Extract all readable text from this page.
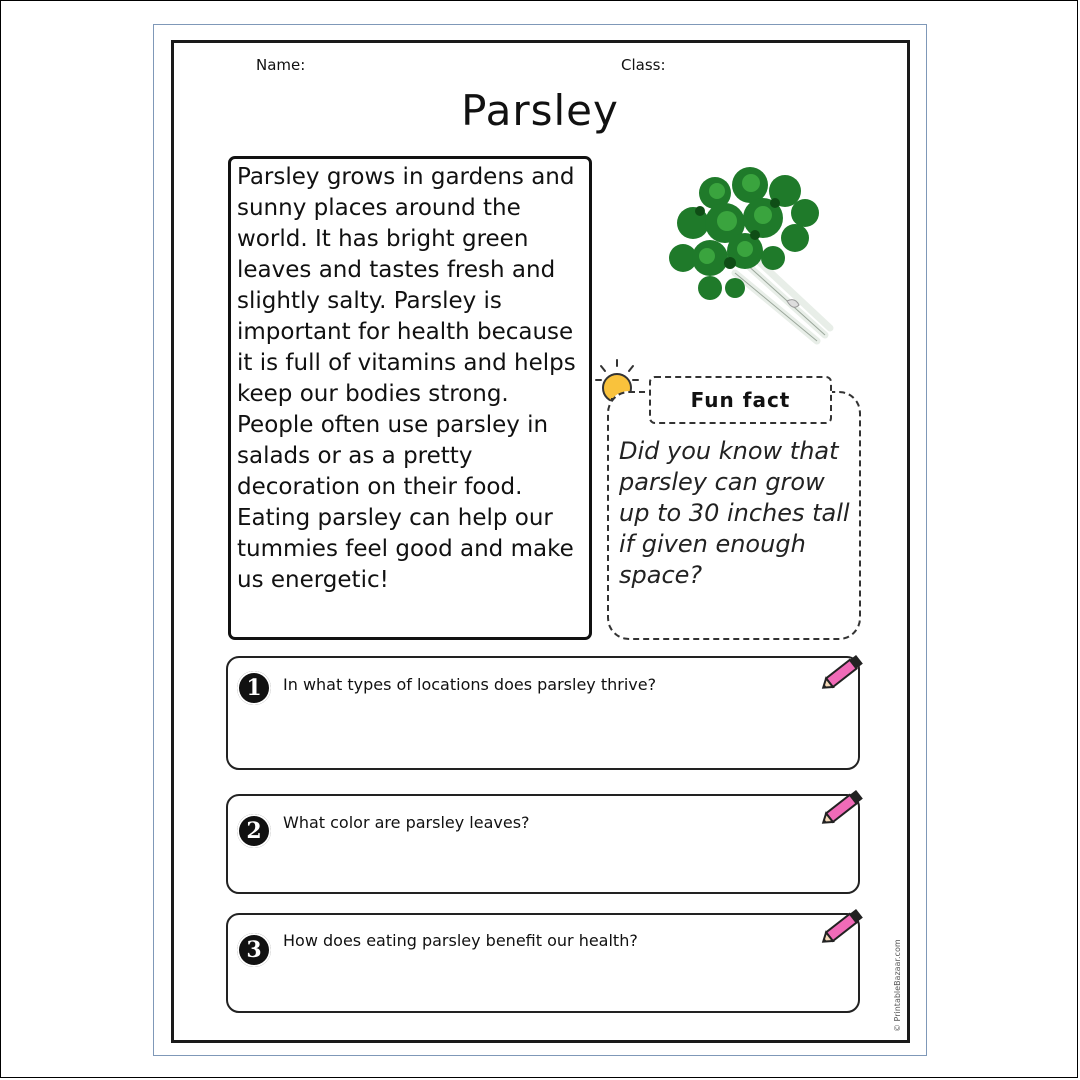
Name:	Class:
Parsley
Parsley grows in gardens and sunny places around the world. It has bright green leaves and tastes fresh and slightly salty. Parsley is important for health because it is full of vitamins and helps keep our bodies strong. People often use parsley in salads or as a pretty decoration on their food. Eating parsley can help our tummies feel good and make us energetic!
Fun fact
Did you know that parsley can grow up to 30 inches tall if given enough space?
1	In what types of locations does parsley thrive?
2	What color are parsley leaves?
3	How does eating parsley benefit our health?	© PrintableBazaar.com
